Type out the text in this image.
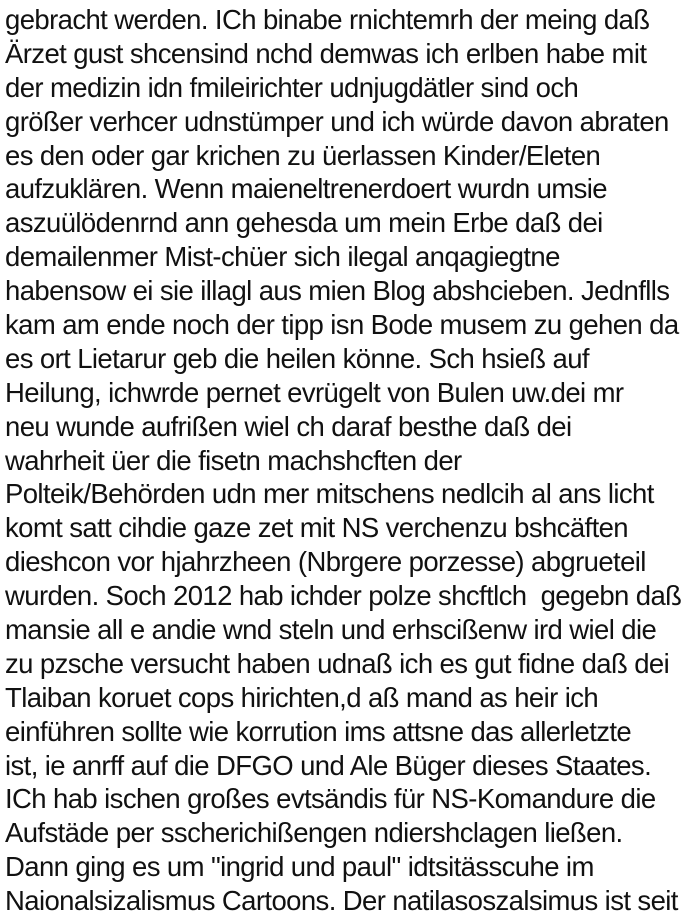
gebracht werden. ICh binabe rnichtemrh der meing daß
Ärzet gust shcensind nchd demwas ich erlben habe mit
der medizin idn fmileirichter udnjugdätler sind och
größer verhcer udnstümper und ich würde davon abraten
es den oder gar krichen zu üerlassen Kinder/Eleten
aufzuklären. Wenn maieneltrenerdoert wurdn umsie
aszuülödenrnd ann gehesda um mein Erbe daß dei
demailenmer Mist-chüer sich ilegal anqagiegtne
habensow ei sie illagl aus mien Blog abshcieben. Jednflls
kam am ende noch der tipp isn Bode musem zu gehen da
es ort Lietarur geb die heilen könne. Sch hsieß auf
Heilung, ichwrde pernet evrügelt von Bulen uw.dei mr
neu wunde aufrißen wiel ch daraf besthe daß dei
wahrheit üer die fisetn machshcften der
Polteik/Behörden udn mer mitschens nedlcih al ans licht
komt satt cihdie gaze zet mit NS verchenzu bshcäften
dieshcon vor hjahrzheen (Nbrgere porzesse) abgrueteil
wurden. Soch 2012 hab ichder polze shcftlch  gegebn daß
mansie all e andie wnd steln und erhscißenw ird wiel die
zu pzsche versucht haben udnaß ich es gut fidne daß dei
Tlaiban koruet cops hirichten,d aß mand as heir ich
einführen sollte wie korrution ims attsne das allerletzte
ist, ie anrff auf die DFGO und Ale Büger dieses Staates.
ICh hab ischen großes evtsändis für NS-Komandure die
Aufstäde per sscherichißengen ndiershclagen ließen.
Dann ging es um "ingrid und paul" idtsitässcuhe im
Naionalsizalismus Cartoons. Der natilasoszalsimus ist seit
